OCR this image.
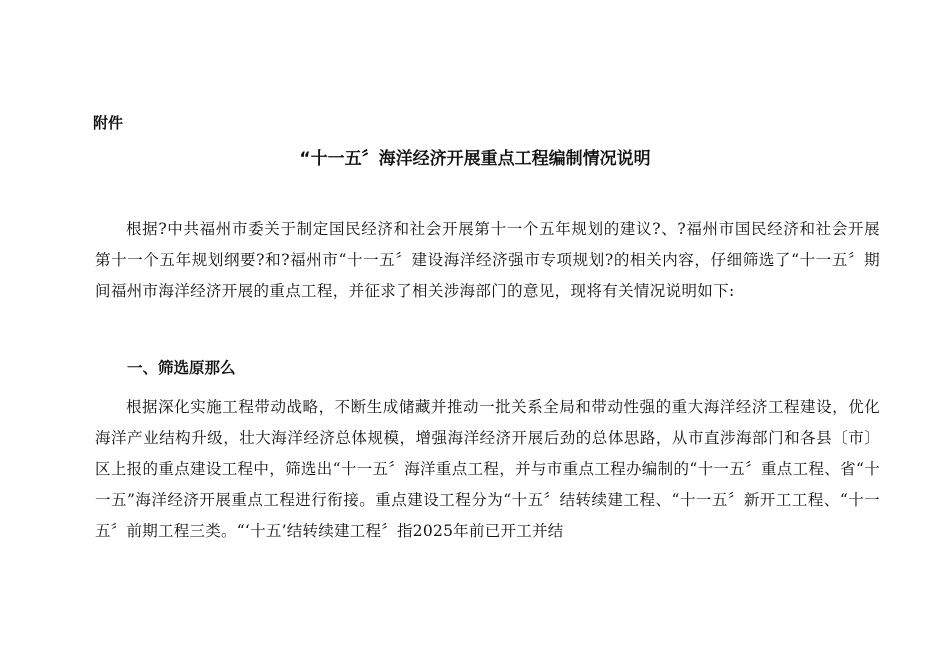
附件
“十一五〞海洋经济开展重点工程编制情况说明
根据?中共福州市委关于制定国民经济和社会开展第十一个五年规划的建议?、?福州市国民经济和社会开展第十一个五年规划纲要?和?福州市“十一五〞建设海洋经济强市专项规划?的相关内容，仔细筛选了“十一五〞期间福州市海洋经济开展的重点工程，并征求了相关涉海部门的意见，现将有关情况说明如下:
一、筛选原那么
根据深化实施工程带动战略，不断生成储藏并推动一批关系全局和带动性强的重大海洋经济工程建设，优化海洋产业结构升级，壮大海洋经济总体规模，增强海洋经济开展后劲的总体思路，从市直涉海部门和各县〔市〕区上报的重点建设工程中，筛选出“十一五〞海洋重点工程，并与市重点工程办编制的“十一五〞重点工程、省“十一五”海洋经济开展重点工程进行衔接。重点建设工程分为“十五〞结转续建工程、“十一五〞新开工工程、“十一五〞前期工程三类。“‘十五’结转续建工程〞指2025年前已开工并结
